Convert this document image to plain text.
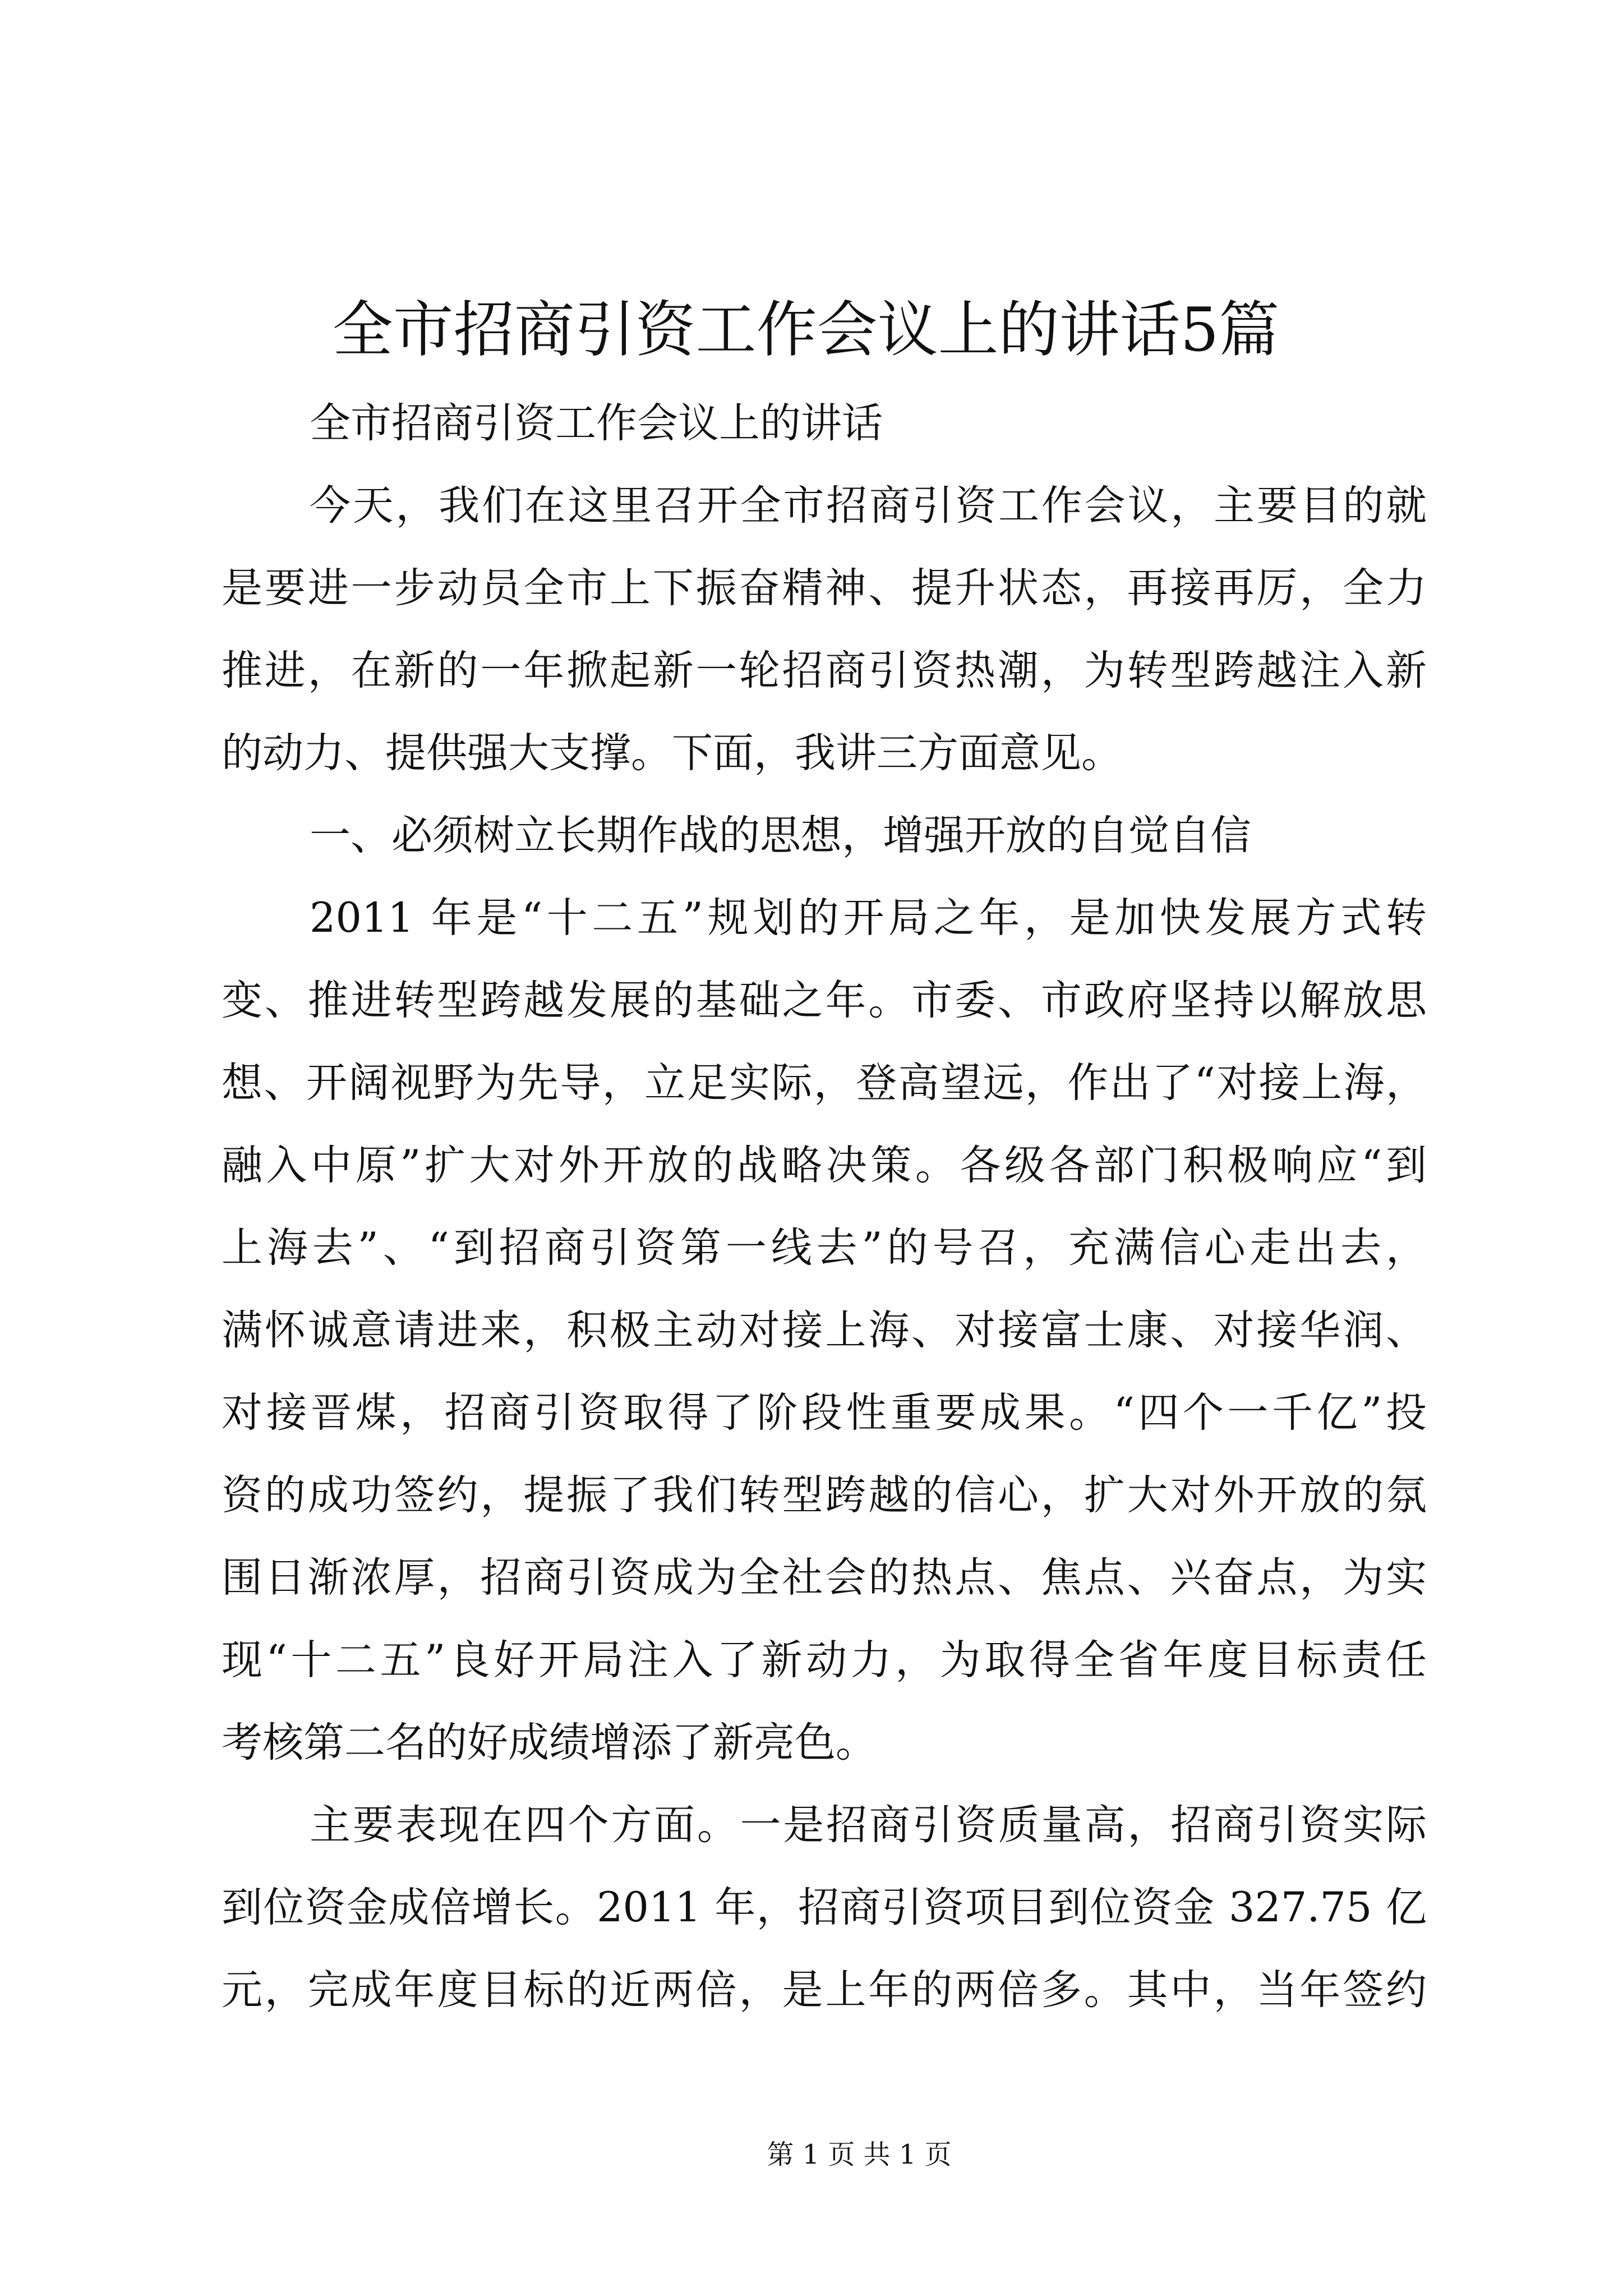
全市招商引资工作会议上的讲话5篇
全市招商引资工作会议上的讲话
今天，我们在这里召开全市招商引资工作会议，主要目的就
是要进一步动员全市上下振奋精神、提升状态，再接再厉，全力
推进，在新的一年掀起新一轮招商引资热潮，为转型跨越注入新
的动力、提供强大支撑。下面，我讲三方面意见。
一、必须树立长期作战的思想，增强开放的自觉自信
2011 年是“十二五”规划的开局之年，是加快发展方式转
变、推进转型跨越发展的基础之年。市委、市政府坚持以解放思
想、开阔视野为先导，立足实际，登高望远，作出了“对接上海，
融入中原”扩大对外开放的战略决策。各级各部门积极响应“到
上海去”、“到招商引资第一线去”的号召，充满信心走出去，
满怀诚意请进来，积极主动对接上海、对接富士康、对接华润、
对接晋煤，招商引资取得了阶段性重要成果。“四个一千亿”投
资的成功签约，提振了我们转型跨越的信心，扩大对外开放的氛
围日渐浓厚，招商引资成为全社会的热点、焦点、兴奋点，为实
现“十二五”良好开局注入了新动力，为取得全省年度目标责任
考核第二名的好成绩增添了新亮色。
主要表现在四个方面。一是招商引资质量高，招商引资实际
到位资金成倍增长。2011 年，招商引资项目到位资金 327.75 亿
元，完成年度目标的近两倍，是上年的两倍多。其中，当年签约
第 1 页 共 1 页
